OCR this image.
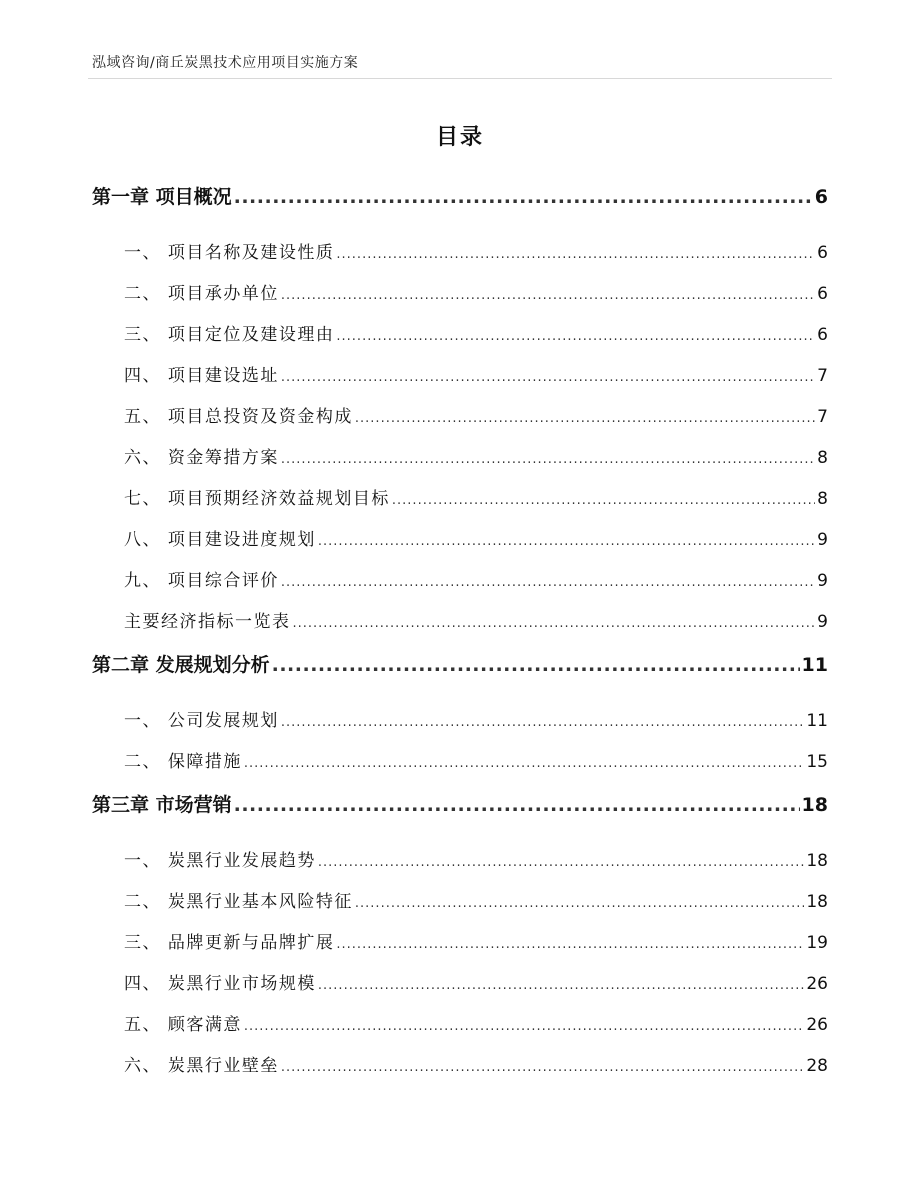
泓域咨询/商丘炭黑技术应用项目实施方案
目录
第一章 项目概况 .....	6
一、 项目名称及建设性质 .....	6
二、 项目承办单位 .....	6
三、 项目定位及建设理由 .....	6
四、 项目建设选址 .....	7
五、 项目总投资及资金构成 .....	7
六、 资金筹措方案 .....	8
七、 项目预期经济效益规划目标 .....	8
八、 项目建设进度规划 .....	9
九、 项目综合评价 .....	9
主要经济指标一览表 .....	9
第二章 发展规划分析 .....	11
一、 公司发展规划 .....	11
二、 保障措施 .....	15
第三章 市场营销 .....	18
一、 炭黑行业发展趋势 .....	18
二、 炭黑行业基本风险特征 .....	18
三、 品牌更新与品牌扩展 .....	19
四、 炭黑行业市场规模 .....	26
五、 顾客满意 .....	26
六、 炭黑行业壁垒 .....	28
